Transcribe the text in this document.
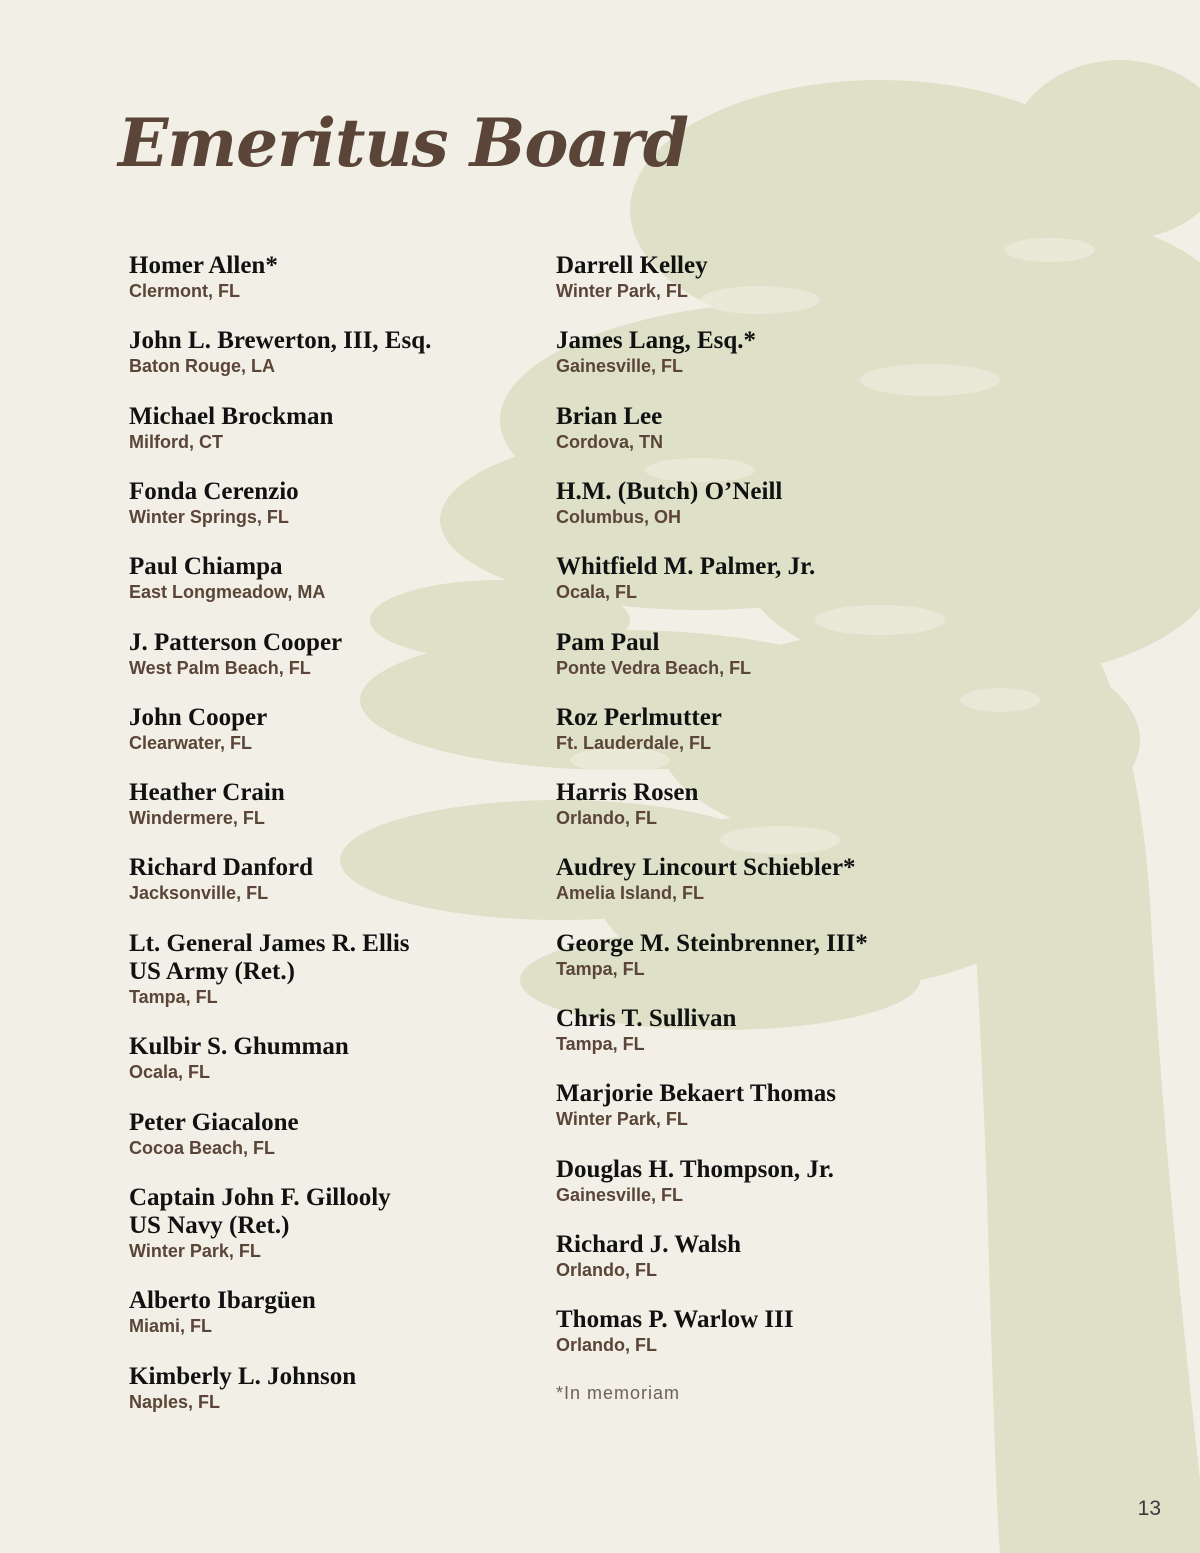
Emeritus Board
Homer Allen*
Clermont, FL
John L. Brewerton, III, Esq.
Baton Rouge, LA
Michael Brockman
Milford, CT
Fonda Cerenzio
Winter Springs, FL
Paul Chiampa
East Longmeadow, MA
J. Patterson Cooper
West Palm Beach, FL
John Cooper
Clearwater, FL
Heather Crain
Windermere, FL
Richard Danford
Jacksonville, FL
Lt. General James R. Ellis
US Army (Ret.)
Tampa, FL
Kulbir S. Ghumman
Ocala, FL
Peter Giacalone
Cocoa Beach, FL
Captain John F. Gillooly
US Navy (Ret.)
Winter Park, FL
Alberto Ibargüen
Miami, FL
Kimberly L. Johnson
Naples, FL
Darrell Kelley
Winter Park, FL
James Lang, Esq.*
Gainesville, FL
Brian Lee
Cordova, TN
H.M. (Butch) O’Neill
Columbus, OH
Whitfield M. Palmer, Jr.
Ocala, FL
Pam Paul
Ponte Vedra Beach, FL
Roz Perlmutter
Ft. Lauderdale, FL
Harris Rosen
Orlando, FL
Audrey Lincourt Schiebler*
Amelia Island, FL
George M. Steinbrenner, III*
Tampa, FL
Chris T. Sullivan
Tampa, FL
Marjorie Bekaert Thomas
Winter Park, FL
Douglas H. Thompson, Jr.
Gainesville, FL
Richard J. Walsh
Orlando, FL
Thomas P. Warlow III
Orlando, FL
*In memoriam
13
